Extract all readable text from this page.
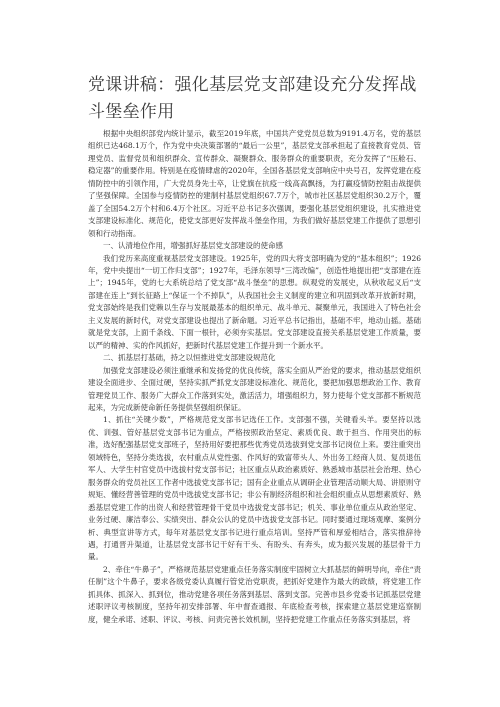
党课讲稿：强化基层党支部建设充分发挥战斗堡垒作用

根据中央组织部党内统计显示，截至2019年底，中国共产党党员总数为9191.4万名，党的基层组织已达468.1万个，作为党中央决策部署的“最后一公里”，基层党支部承担起了直接教育党员、管理党员、监督党员和组织群众、宣传群众、凝聚群众、服务群众的重要职责，充分发挥了“压舱石、稳定器”的重要作用。特别是在疫情肆虐的2020年，全国各基层党支部响应中央号召，发挥党建在疫情防控中的引领作用，广大党员身先士卒，让党旗在抗疫一线高高飘扬，为打赢疫情防控阻击战提供了坚强保障。全国参与疫情防控的建制村基层党组织67.7万个，城市社区基层党组织30.2万个，覆盖了全国54.2万个村和6.4万个社区。习近平总书记多次强调，要强化基层党组织建设，扎实推进党支部建设标准化、规范化，使党支部更好发挥战斗堡垒作用，为我们做好基层党建工作提供了思想引领和行动指南。

一、认清地位作用，增强抓好基层党支部建设的使命感

我们党历来高度重视基层党支部建设。1925年，党的四大将支部明确为党的“基本组织”；1926年，党中央提出“一切工作归支部”；1927年，毛泽东领导“三湾改编”，创造性地提出把“支部建在连上”；1945年，党的七大系统总结了党支部“战斗堡垒”的思想。纵观党的发展史，从秋收起义后“支部建在连上”到长征路上“保证一个不掉队”，从我国社会主义制度的建立和巩固到改革开放新时期，党支部始终是我们党赖以生存与发展最基本的组织单元、战斗单元、凝聚单元，我国进入了特色社会主义发展的新时代，对党支部建设也提出了新命题。习近平总书记指出，基础不牢，地动山摇。基础就是党支部，上面千条线、下面一根针，必须夯实基层。党支部建设直接关系基层党建工作质量，要以严的精神、实的作风抓好，把新时代基层党建工作提升到一个新水平。

二、抓基层打基础，持之以恒推进党支部建设规范化

加强党支部建设必须注重继承和发扬党的优良传统，落实全面从严治党的要求，推动基层党组织建设全面进步、全面过硬，坚持实抓严抓党支部建设标准化、规范化，要把加强思想政治工作、教育管理党员工作、服务广大群众工作落到实处，激活活力，增强组织力，努力使每个党支部都不断规范起来，为完成新使命新任务提供坚强组织保证。

1、抓住“关键少数”，严格规范党支部书记选任工作。支部强不强，关键看头羊。要坚持以选优、训强、管好基层党支部书记为重点，严格按照政治坚定、素质优良、敢于担当、作用突出的标准，选好配强基层党支部班子，坚持用好要把那些优秀党员选拔到党支部书记岗位上来。要注重突出领域特色，坚持分类选拔，农村重点从党性强、作风好的致富带头人、外出务工经商人员、复员退伍军人、大学生村官党员中选拔村党支部书记；社区重点从政治素质好、熟悉城市基层社会治理、热心服务群众的党员社区工作者中选拔党支部书记；国有企业重点从调研企业管理活动顺大局、讲原则守规矩、懂经营善管理的党员中选拔党支部书记；非公有制经济组织和社会组织重点从思想素质好、熟悉基层党建工作的出资人和经营管理骨干党员中选拔党支部书记；机关、事业单位重点从政治坚定、业务过硬、廉洁奉公、实绩突出、群众公认的党员中选拔党支部书记。同时要通过现场观摩、案例分析、典型宣讲等方式，每年对基层党支部书记进行重点培训。坚持严管和厚爱相结合，落实推辞待遇，打通晋升渠道，让基层党支部书记干好有干头、有盼头、有奔头，成为振兴发展的基层骨干力量。

2、牵住“牛鼻子”，严格规范基层党建重点任务落实制度牢固树立大抓基层的鲜明导向，牵住“责任制”这个牛鼻子，要求各级党委认真履行管党治党职责，把抓好党建作为最大的政绩，将党建工作抓具体、抓深入、抓到位，推动党建各项任务落到基层、落到支部。完善市县乡党委书记抓基层党建述职评议考核制度，坚持年初安排部署、年中督查通报、年底检查考核，探索建立基层党建巡察制度，健全承诺、述职、评议、考核、问责完善长效机制，坚持把党建工作重点任务落实到基层，将
